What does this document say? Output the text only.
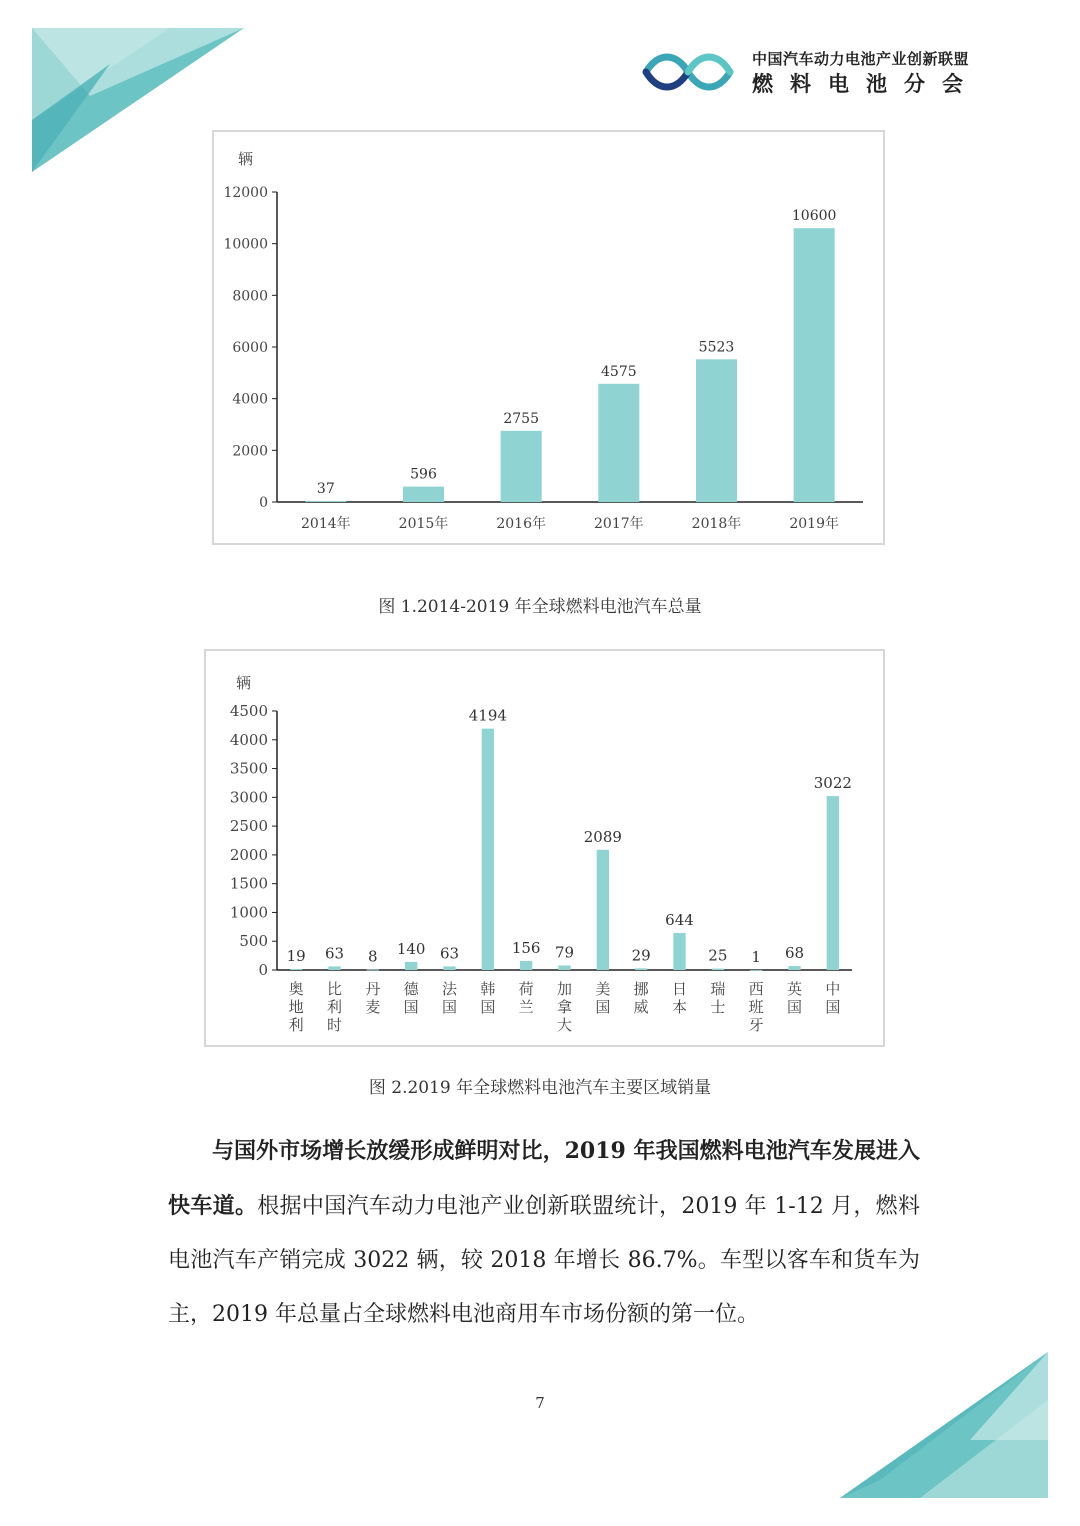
中国汽车动力电池产业创新联盟
燃料电池分会
辆
0
2000
4000
6000
8000
10000
12000
37
2014年
596
2015年
2755
2016年
4575
2017年
5523
2018年
10600
2019年
图 1.2014-2019 年全球燃料电池汽车总量
辆
0
500
1000
1500
2000
2500
3000
3500
4000
4500
19
奥
地
利
63
比
利
时
8
丹
麦
140
德
国
63
法
国
4194
韩
国
156
荷
兰
79
加
拿
大
2089
美
国
29
挪
威
644
日
本
25
瑞
士
1
西
班
牙
68
英
国
3022
中
国
图 2.2019 年全球燃料电池汽车主要区域销量
与国外市场增长放缓形成鲜明对比，2019 年我国燃料电池汽车发展进入快车道。根据中国汽车动力电池产业创新联盟统计，2019 年 1-12 月，燃料电池汽车产销完成 3022 辆，较 2018 年增长 86.7%。车型以客车和货车为主，2019 年总量占全球燃料电池商用车市场份额的第一位。
7
